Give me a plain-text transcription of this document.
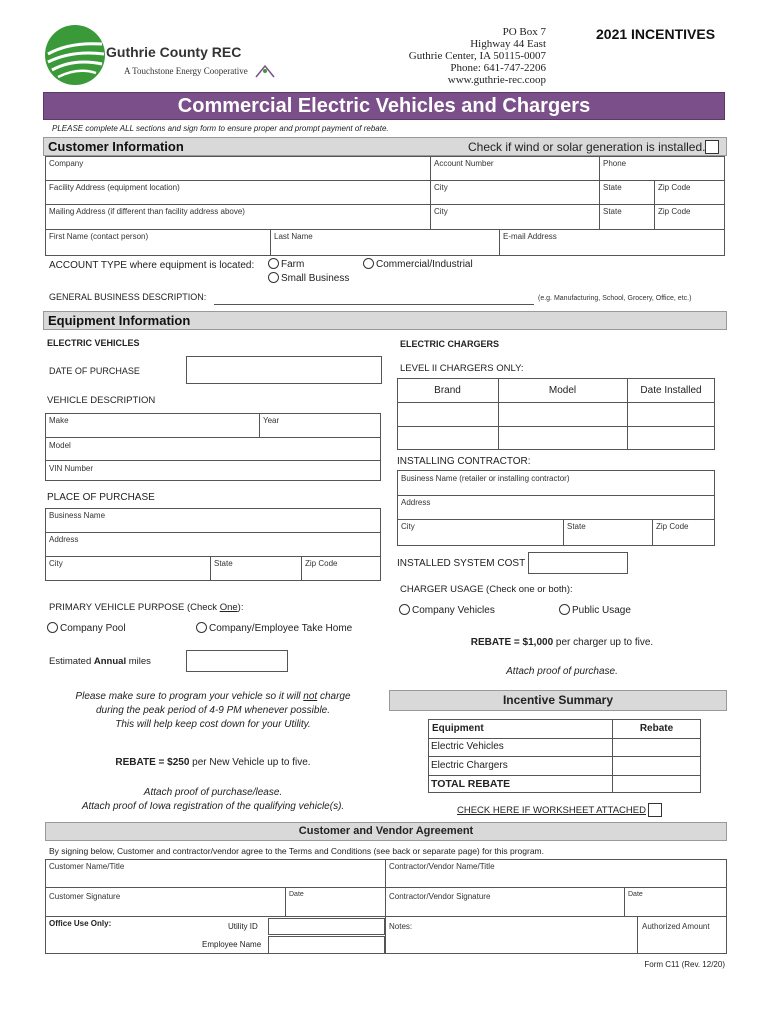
Guthrie County REC
A Touchstone Energy Cooperative
PO Box 7
Highway 44 East
Guthrie Center, IA 50115-0007
Phone: 641-747-2206
www.guthrie-rec.coop
2021 INCENTIVES
Commercial Electric Vehicles and Chargers
PLEASE complete ALL sections and sign form to ensure proper and prompt payment of rebate.
Customer Information	Check if wind or solar generation is installed.
Company	Account Number	Phone
Facility Address (equipment location)	City	State	Zip Code
Mailing Address (if different than facility address above)	City	State	Zip Code
First Name (contact person)	Last Name	E-mail Address
ACCOUNT TYPE where equipment is located:	Farm
Small Business
Commercial/Industrial
GENERAL BUSINESS DESCRIPTION:	(e.g. Manufacturing, School, Grocery, Office, etc.)
Equipment Information
ELECTRIC VEHICLES
DATE OF PURCHASE
VEHICLE DESCRIPTION
Make	Year
Model
VIN Number
PLACE OF PURCHASE
Business Name
Address
City	State	Zip Code
PRIMARY VEHICLE PURPOSE (Check One):
Company Pool	Company/Employee Take Home
Estimated Annual miles
Please make sure to program your vehicle so it will not charge
during the peak period of 4-9 PM whenever possible.
This will help keep cost down for your Utility.
REBATE = $250 per New Vehicle up to five.
Attach proof of purchase/lease.
Attach proof of Iowa registration of the qualifying vehicle(s).
ELECTRIC CHARGERS
LEVEL II CHARGERS ONLY:
Brand	Model	Date Installed
INSTALLING CONTRACTOR:
Business Name (retailer or installing contractor)
Address
City	State	Zip Code
INSTALLED SYSTEM COST
CHARGER USAGE (Check one or both):
Company Vehicles	Public Usage
REBATE = $1,000 per charger up to five.
Attach proof of purchase.
Incentive Summary
Equipment	Rebate
Electric Vehicles
Electric Chargers
TOTAL REBATE
CHECK HERE IF WORKSHEET ATTACHED
Customer and Vendor Agreement
By signing below, Customer and contractor/vendor agree to the Terms and Conditions (see back or separate page) for this program.
Customer Name/Title	Contractor/Vendor Name/Title
Customer Signature	Date	Contractor/Vendor Signature	Date
Office Use Only:	Utility ID
Employee Name
Notes:	Authorized Amount
Form C11 (Rev. 12/20)
